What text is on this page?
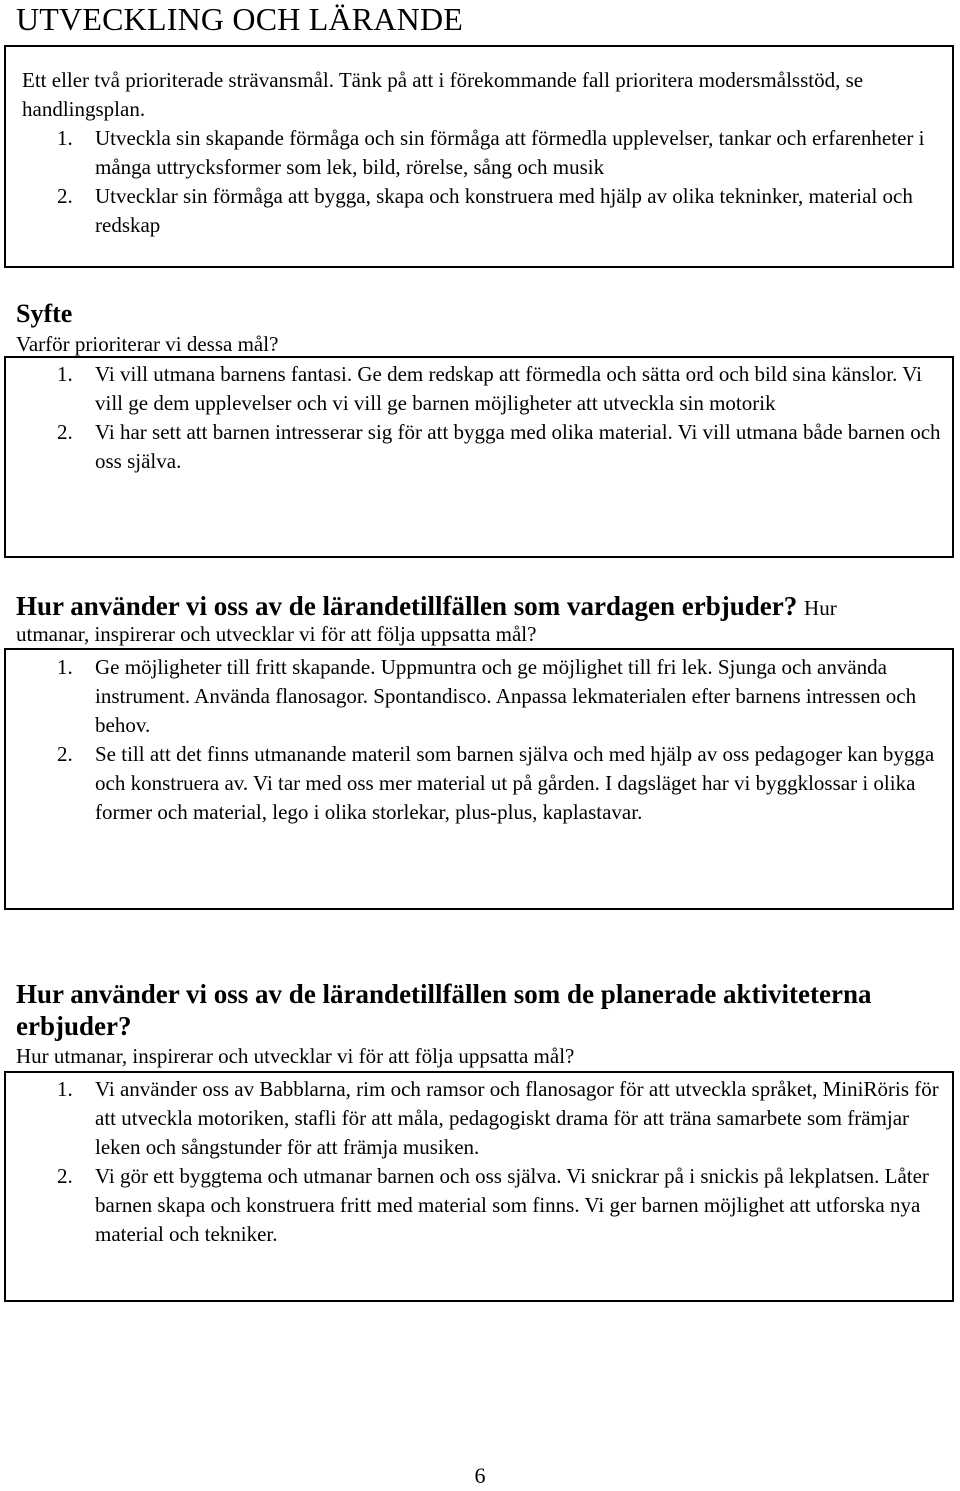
UTVECKLING OCH LÄRANDE

Ett eller två prioriterade strävansmål. Tänk på att i förekommande fall prioritera modersmålsstöd, se handlingsplan.

1. Utveckla sin skapande förmåga och sin förmåga att förmedla upplevelser, tankar och erfarenheter i många uttrycksformer som lek, bild, rörelse, sång och musik
2. Utvecklar sin förmåga att bygga, skapa och konstruera med hjälp av olika tekninker, material och redskap
Syfte

Varför prioriterar vi dessa mål?

1. Vi vill utmana barnens fantasi. Ge dem redskap att förmedla och sätta ord och bild sina känslor. Vi vill ge dem upplevelser och vi vill ge barnen möjligheter att utveckla sin motorik
2. Vi har sett att barnen intresserar sig för att bygga med olika material. Vi vill utmana både barnen och oss själva.
Hur använder vi oss av de lärandetillfällen som vardagen erbjuder? Hur

utmanar, inspirerar och utvecklar vi för att följa uppsatta mål?

1. Ge möjligheter till fritt skapande. Uppmuntra och ge möjlighet till fri lek. Sjunga och använda instrument. Använda flanosagor. Spontandisco. Anpassa lekmaterialen efter barnens intressen och behov.
2. Se till att det finns utmanande materil som barnen själva och med hjälp av oss pedagoger kan bygga och konstruera av. Vi tar med oss mer material ut på gården. I dagsläget har vi byggklossar i olika former och material, lego i olika storlekar, plus-plus, kaplastavar.
Hur använder vi oss av de lärandetillfällen som de planerade aktiviteterna erbjuder?

Hur utmanar, inspirerar och utvecklar vi för att följa uppsatta mål?

1. Vi använder oss av Babblarna, rim och ramsor och flanosagor för att utveckla språket, MiniRöris för att utveckla motoriken, stafli för att måla, pedagogiskt drama för att träna samarbete som främjar leken och sångstunder för att främja musiken.
2. Vi gör ett byggtema och utmanar barnen och oss själva. Vi snickrar på i snickis på lekplatsen. Låter barnen skapa och konstruera fritt med material som finns. Vi ger barnen möjlighet att utforska nya material och tekniker.
6
